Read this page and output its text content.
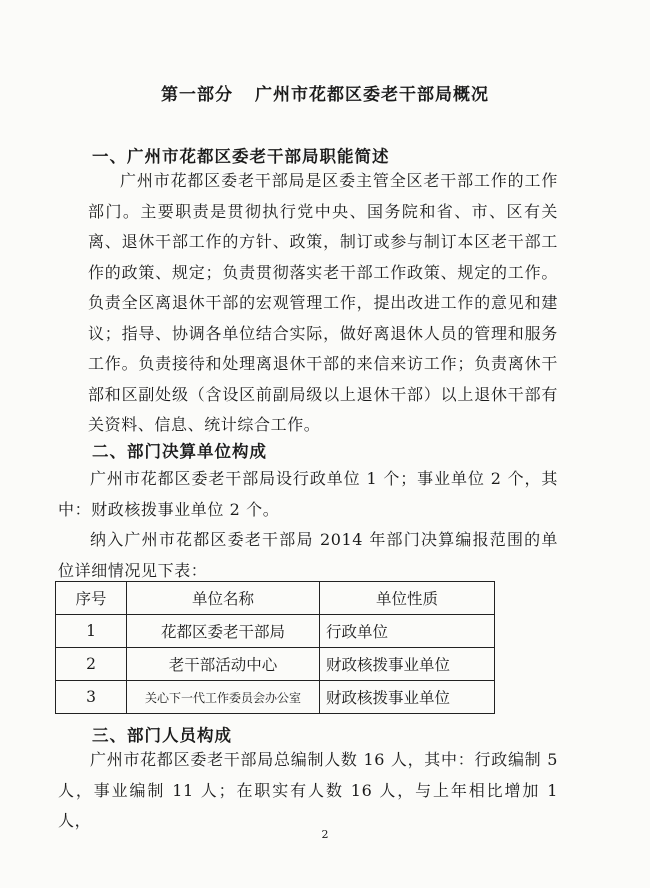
第一部分 广州市花都区委老干部局概况
一、广州市花都区委老干部局职能简述

广州市花都区委老干部局是区委主管全区老干部工作的工作部门。主要职责是贯彻执行党中央、国务院和省、市、区有关离、退休干部工作的方针、政策，制订或参与制订本区老干部工作的政策、规定；负责贯彻落实老干部工作政策、规定的工作。负责全区离退休干部的宏观管理工作，提出改进工作的意见和建议；指导、协调各单位结合实际，做好离退休人员的管理和服务工作。负责接待和处理离退休干部的来信来访工作；负责离休干部和区副处级（含设区前副局级以上退休干部）以上退休干部有关资料、信息、统计综合工作。

二、部门决算单位构成

广州市花都区委老干部局设行政单位 1 个；事业单位 2 个，其中：财政核拨事业单位 2 个。

纳入广州市花都区委老干部局 2014 年部门决算编报范围的单位详细情况见下表：

序号	单位名称	单位性质
1	花都区委老干部局	行政单位
2	老干部活动中心	财政核拨事业单位
3	关心下一代工作委员会办公室	财政核拨事业单位
三、部门人员构成

广州市花都区委老干部局总编制人数 16 人，其中：行政编制 5 人，事业编制 11 人；在职实有人数 16 人，与上年相比增加 1 人，

2
